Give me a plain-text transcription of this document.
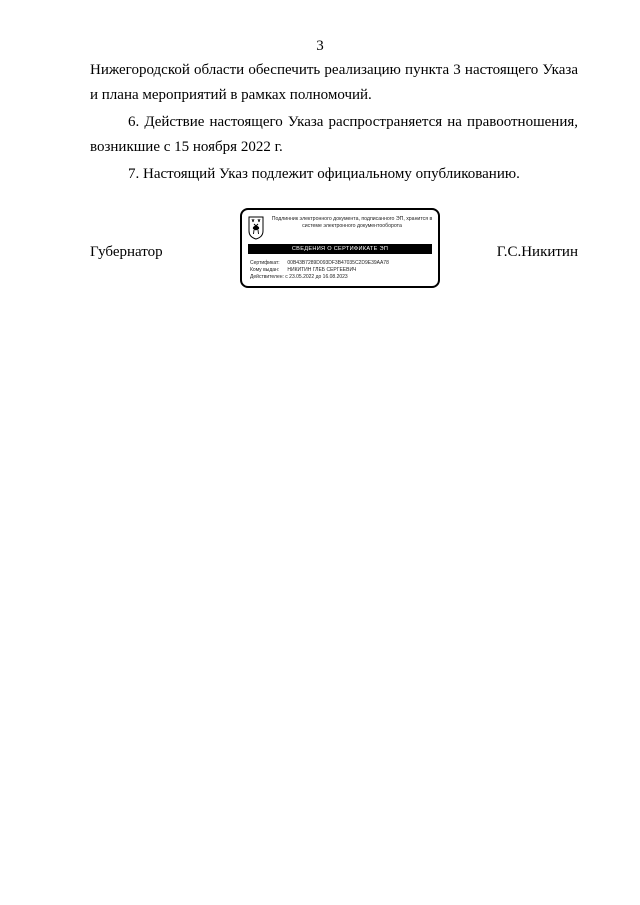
3

Нижегородской области обеспечить реализацию пункта 3 настоящего Указа и плана мероприятий в рамках полномочий.

6. Действие настоящего Указа распространяется на правоотношения, возникшие с 15 ноября 2022 г.

7. Настоящий Указ подлежит официальному опубликованию.

Губернатор	Г.С.Никитин
Подлинник электронного документа, подписанного ЭП, хранится в системе электронного документооборота
СВЕДЕНИЯ О СЕРТИФИКАТЕ ЭП
Сертификат: 00B43B7289D093DF3B47035C2D9E39AA78
Кому выдан: НИКИТИН ГЛЕБ СЕРГЕЕВИЧ
Действителен: с 23.05.2022 до 16.08.2023
